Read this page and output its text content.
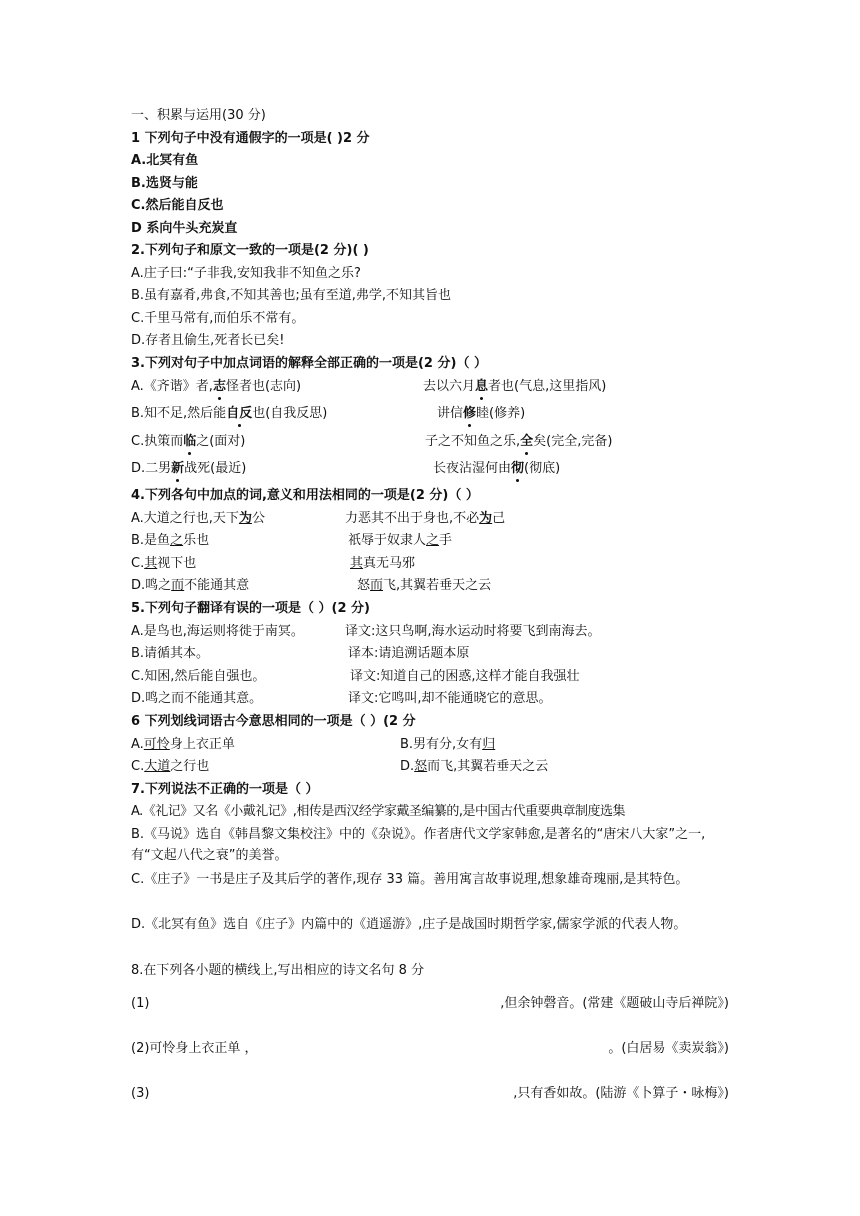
一、积累与运用(30 分)
1 下列句子中没有通假字的一项是( )2 分
A.北冥有鱼
B.选贤与能
C.然后能自反也
D 系向牛头充炭直
2.下列句子和原文一致的一项是(2 分)( )
A.庄子曰:“子非我,安知我非不知鱼之乐?
B.虽有嘉肴,弗食,不知其善也;虽有至道,弗学,不知其旨也
C.千里马常有,而伯乐不常有。
D.存者且偷生,死者长已矣!
3.下列对句子中加点词语的解释全部正确的一项是(2 分)（ ）
A.《齐谐》者,志怪者也(志向)	去以六月息者也(气息,这里指风)
B.知不足,然后能自反也(自我反思)	讲信修睦(修养)
C.执策而临之(面对)	子之不知鱼之乐,全矣(完全,完备)
D.二男新战死(最近)	长夜沾湿何由彻(彻底)
4.下列各句中加点的词,意义和用法相同的一项是(2 分)（ ）
A.大道之行也,天下为公	力恶其不出于身也,不必为己
B.是鱼之乐也	祇辱于奴隶人之手
C.其视下也	其真无马邪
D.鸣之而不能通其意	怒而飞,其翼若垂天之云
5.下列句子翻译有误的一项是（ ）(2 分)
A.是鸟也,海运则将徙于南冥。	译文:这只鸟啊,海水运动时将要飞到南海去。
B.请循其本。	译本:请追溯话题本原
C.知困,然后能自强也。	译文:知道自己的困惑,这样才能自我强壮
D.鸣之而不能通其意。	译文:它鸣叫,却不能通晓它的意思。
6 下列划线词语古今意思相同的一项是（ ）(2 分
A.可怜身上衣正单	B.男有分,女有归
C.大道之行也	D.怒而飞,其翼若垂天之云
7.下列说法不正确的一项是（ ）
A.《礼记》又名《小戴礼记》,相传是西汉经学家戴圣编纂的,是中国古代重要典章制度选集
B.《马说》选自《韩昌黎文集校注》中的《杂说》。作者唐代文学家韩愈,是著名的“唐宋八大家”之一,有“文起八代之衰”的美誉。
C.《庄子》一书是庄子及其后学的著作,现存 33 篇。善用寓言故事说理,想象雄奇瑰丽,是其特色。
D.《北冥有鱼》选自《庄子》内篇中的《逍遥游》,庄子是战国时期哲学家,儒家学派的代表人物。
8.在下列各小题的横线上,写出相应的诗文名句 8 分
(1)	,但余钟磬音。(常建《题破山寺后禅院》)
(2)可怜身上衣正单 ，	。(白居易《卖炭翁》)
(3)	,只有香如故。(陆游《卜算子・咏梅》)
